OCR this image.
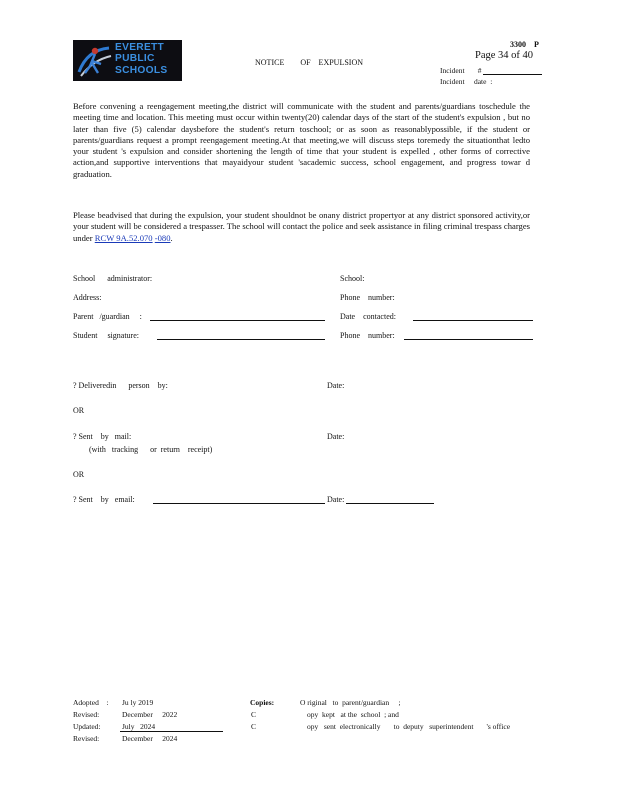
EVERETT
PUBLIC
SCHOOLS
3300 P
Page 34 of 40
NOTICE        OF    EXPULSION
Incident       #
Incident     date  :

Before convening a reengagement meeting,the district will communicate with the student and parents/guardians toschedule the meeting time and location. This meeting must occur within twenty(20) calendar days of the start of the student's expulsion , but no later than five (5) calendar daysbefore the student's return toschool; or as soon as reasonablypossible, if the student or parents/guardians request a prompt reengagement meeting.At that meeting,we will discuss steps toremedy the situationthat ledto your student 's expulsion and consider shortening the length of time that your student is expelled , other forms of corrective action,and supportive interventions that mayaidyour student 'sacademic success, school engagement, and progress towar d graduation.

Please beadvised that during the expulsion, your student shouldnot be onany district propertyor at any district sponsored activity,or your student will be considered a trespasser. The school will contact the police and seek assistance in filing criminal trespass charges under RCW 9A.52.070 -080.

School      administrator:	School:
Address:	Phone    number:
Parent   /guardian     :	Date    contacted:
Student     signature:	Phone    number:
? Deliveredin      person    by:	Date:
OR
? Sent    by   mail:	Date:
(with   tracking      or  return    receipt)
OR
? Sent    by   email:	Date:
Adopted    : Ju ly 2019
Revised:	December     2022
Updated:	July   2024
Revised:	December     2024
Copies:	O riginal   to  parent/guardian     ;
C	opy  kept   at the  school  ; and
C	opy   sent  electronically       to  deputy   superintendent       's office
